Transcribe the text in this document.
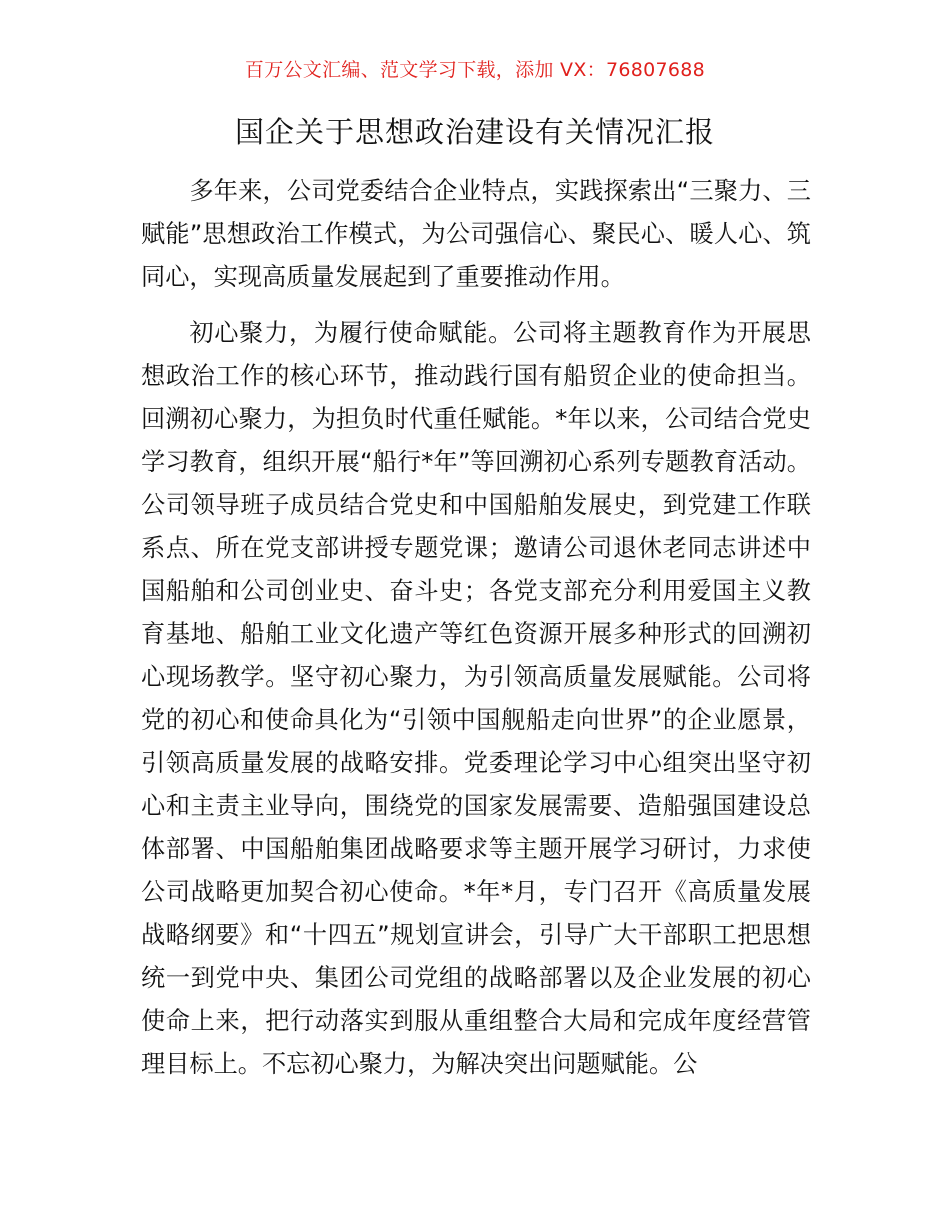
百万公文汇编、范文学习下载，添加 VX：76807688
国企关于思想政治建设有关情况汇报

多年来，公司党委结合企业特点，实践探索出“三聚力、三赋能”思想政治工作模式，为公司强信心、聚民心、暖人心、筑同心，实现高质量发展起到了重要推动作用。

初心聚力，为履行使命赋能。公司将主题教育作为开展思想政治工作的核心环节，推动践行国有船贸企业的使命担当。回溯初心聚力，为担负时代重任赋能。*年以来，公司结合党史学习教育，组织开展“船行*年”等回溯初心系列专题教育活动。公司领导班子成员结合党史和中国船舶发展史，到党建工作联系点、所在党支部讲授专题党课；邀请公司退休老同志讲述中国船舶和公司创业史、奋斗史；各党支部充分利用爱国主义教育基地、船舶工业文化遗产等红色资源开展多种形式的回溯初心现场教学。坚守初心聚力，为引领高质量发展赋能。公司将党的初心和使命具化为“引领中国舰船走向世界”的企业愿景，引领高质量发展的战略安排。党委理论学习中心组突出坚守初心和主责主业导向，围绕党的国家发展需要、造船强国建设总体部署、中国船舶集团战略要求等主题开展学习研讨，力求使公司战略更加契合初心使命。*年*月，专门召开《高质量发展战略纲要》和“十四五”规划宣讲会，引导广大干部职工把思想统一到党中央、集团公司党组的战略部署以及企业发展的初心使命上来，把行动落实到服从重组整合大局和完成年度经营管理目标上。不忘初心聚力，为解决突出问题赋能。公
